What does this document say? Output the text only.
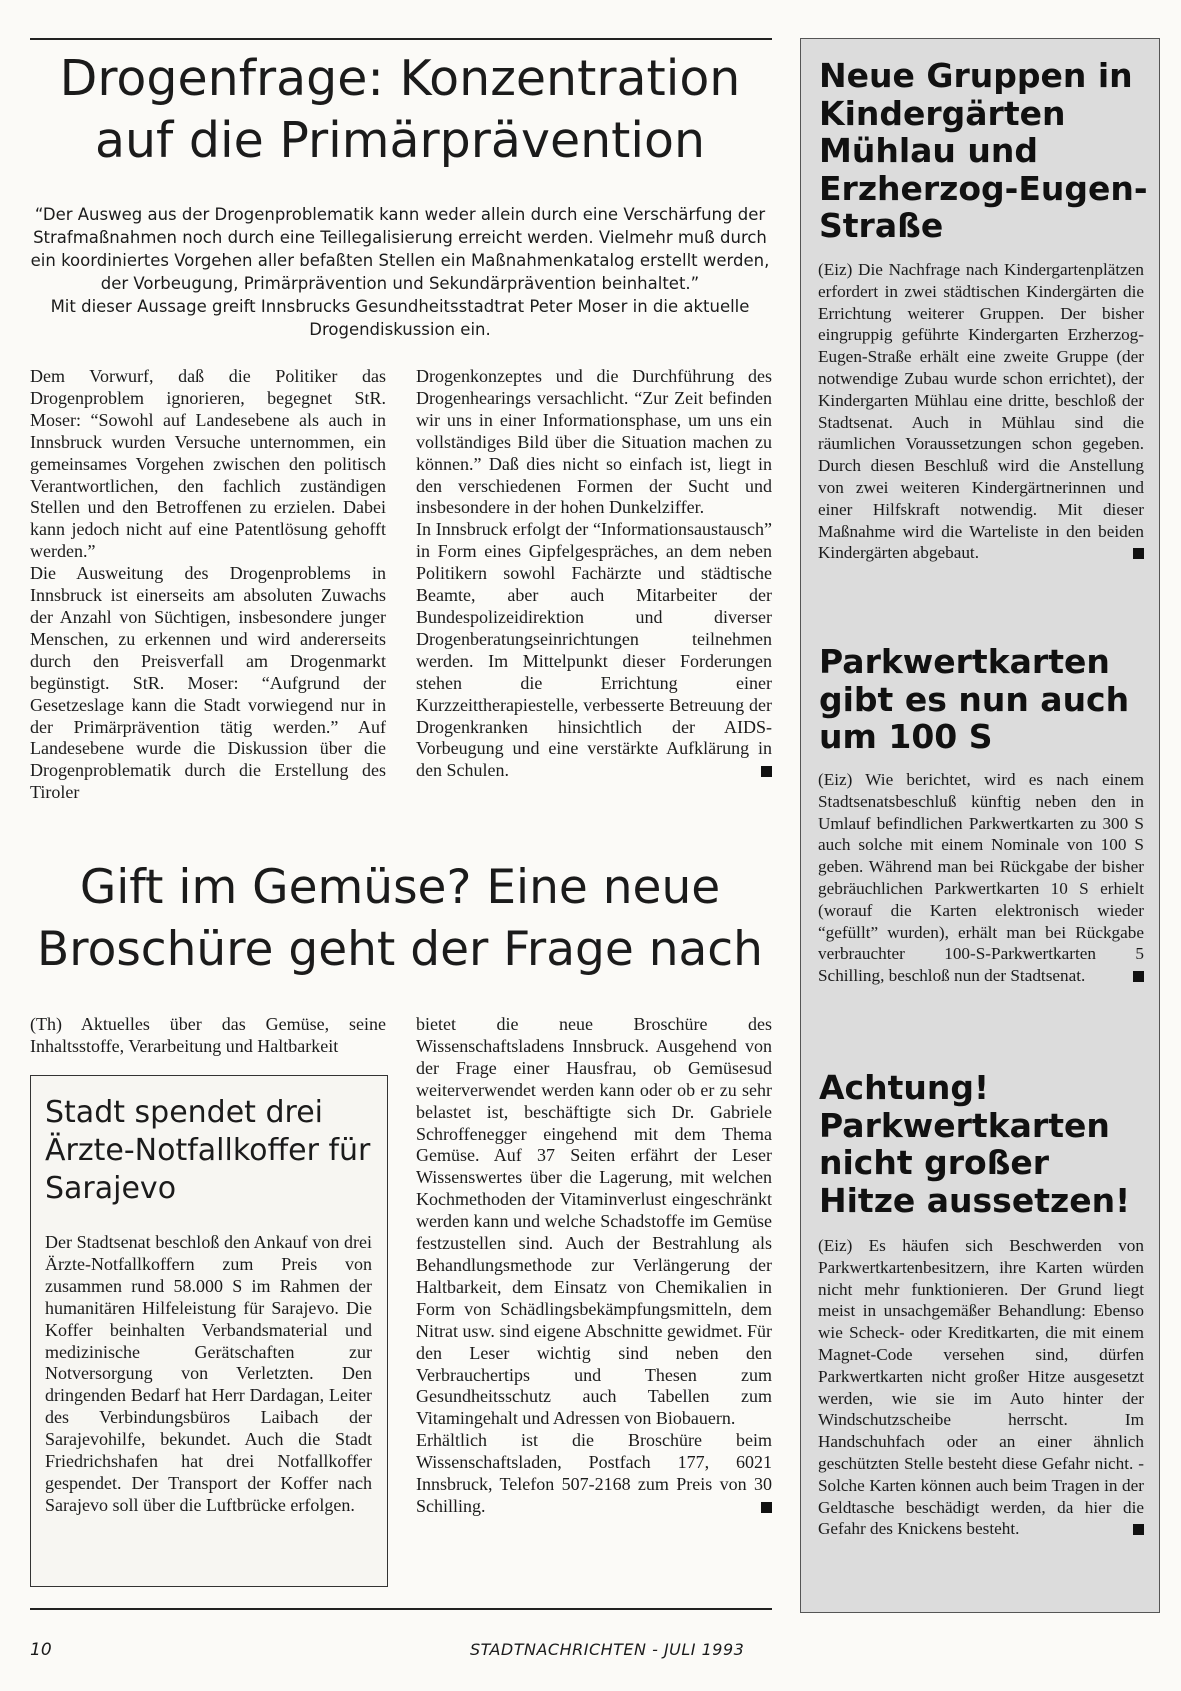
Drogenfrage: Konzentration auf die Primärprävention
“Der Ausweg aus der Drogenproblematik kann weder allein durch eine Verschärfung der Strafmaßnahmen noch durch eine Teillegalisierung erreicht werden. Vielmehr muß durch ein koordiniertes Vorgehen aller befaßten Stellen ein Maßnahmenkatalog erstellt werden, der Vorbeugung, Primärprävention und Sekundärprävention beinhaltet.”
Mit dieser Aussage greift Innsbrucks Gesundheitsstadtrat Peter Moser in die aktuelle Drogendiskussion ein.

Dem Vorwurf, daß die Politiker das Drogenproblem ignorieren, begegnet StR. Moser: “Sowohl auf Landesebene als auch in Innsbruck wurden Versuche unternommen, ein gemeinsames Vorgehen zwischen den politisch Verantwortlichen, den fachlich zuständigen Stellen und den Betroffenen zu erzielen. Dabei kann jedoch nicht auf eine Patentlösung gehofft werden.”

Die Ausweitung des Drogenproblems in Innsbruck ist einerseits am absoluten Zuwachs der Anzahl von Süchtigen, insbesondere junger Menschen, zu erkennen und wird andererseits durch den Preisverfall am Drogenmarkt begünstigt. StR. Moser: “Aufgrund der Gesetzeslage kann die Stadt vorwiegend nur in der Primärprävention tätig werden.” Auf Landesebene wurde die Diskussion über die Drogenproblematik durch die Erstellung des Tiroler

Drogenkonzeptes und die Durchführung des Drogenhearings versachlicht. “Zur Zeit befinden wir uns in einer Informationsphase, um uns ein vollständiges Bild über die Situation machen zu können.” Daß dies nicht so einfach ist, liegt in den verschiedenen Formen der Sucht und insbesondere in der hohen Dunkelziffer.

In Innsbruck erfolgt der “Informationsaustausch” in Form eines Gipfelgespräches, an dem neben Politikern sowohl Fachärzte und städtische Beamte, aber auch Mitarbeiter der Bundespolizeidirektion und diverser Drogenberatungseinrichtungen teilnehmen werden. Im Mittelpunkt dieser Forderungen stehen die Errichtung einer Kurzzeittherapiestelle, verbesserte Betreuung der Drogenkranken hinsichtlich der AIDS-Vorbeugung und eine verstärkte Aufklärung in den Schulen.

Gift im Gemüse? Eine neue Broschüre geht der Frage nach

(Th) Aktuelles über das Gemüse, seine Inhaltsstoffe, Verarbeitung und Haltbarkeit

Stadt spendet drei Ärzte-Notfallkoffer für Sarajevo
Der Stadtsenat beschloß den Ankauf von drei Ärzte-Notfallkoffern zum Preis von zusammen rund 58.000 S im Rahmen der humanitären Hilfeleistung für Sarajevo. Die Koffer beinhalten Verbandsmaterial und medizinische Gerätschaften zur Notversorgung von Verletzten. Den dringenden Bedarf hat Herr Dardagan, Leiter des Verbindungsbüros Laibach der Sarajevohilfe, bekundet. Auch die Stadt Friedrichshafen hat drei Notfallkoffer gespendet. Der Transport der Koffer nach Sarajevo soll über die Luftbrücke erfolgen.

bietet die neue Broschüre des Wissenschaftsladens Innsbruck. Ausgehend von der Frage einer Hausfrau, ob Gemüsesud weiterverwendet werden kann oder ob er zu sehr belastet ist, beschäftigte sich Dr. Gabriele Schroffenegger eingehend mit dem Thema Gemüse. Auf 37 Seiten erfährt der Leser Wissenswertes über die Lagerung, mit welchen Kochmethoden der Vitaminverlust eingeschränkt werden kann und welche Schadstoffe im Gemüse festzustellen sind. Auch der Bestrahlung als Behandlungsmethode zur Verlängerung der Haltbarkeit, dem Einsatz von Chemikalien in Form von Schädlingsbekämpfungsmitteln, dem Nitrat usw. sind eigene Abschnitte gewidmet. Für den Leser wichtig sind neben den Verbrauchertips und Thesen zum Gesundheitsschutz auch Tabellen zum Vitamingehalt und Adressen von Biobauern.

Erhältlich ist die Broschüre beim Wissenschaftsladen, Postfach 177, 6021 Innsbruck, Telefon 507-2168 zum Preis von 30 Schilling.

Neue Gruppen in Kindergärten Mühlau und Erzherzog-Eugen-Straße
(Eiz) Die Nachfrage nach Kindergartenplätzen erfordert in zwei städtischen Kindergärten die Errichtung weiterer Gruppen. Der bisher eingruppig geführte Kindergarten Erzherzog-Eugen-Straße erhält eine zweite Gruppe (der notwendige Zubau wurde schon errichtet), der Kindergarten Mühlau eine dritte, beschloß der Stadtsenat. Auch in Mühlau sind die räumlichen Voraussetzungen schon gegeben. Durch diesen Beschluß wird die Anstellung von zwei weiteren Kindergärtnerinnen und einer Hilfskraft notwendig. Mit dieser Maßnahme wird die Warteliste in den beiden Kindergärten abgebaut.
Parkwertkarten gibt es nun auch um 100 S
(Eiz) Wie berichtet, wird es nach einem Stadtsenatsbeschluß künftig neben den in Umlauf befindlichen Parkwertkarten zu 300 S auch solche mit einem Nominale von 100 S geben. Während man bei Rückgabe der bisher gebräuchlichen Parkwertkarten 10 S erhielt (worauf die Karten elektronisch wieder “gefüllt” wurden), erhält man bei Rückgabe verbrauchter 100-S-Parkwertkarten 5 Schilling, beschloß nun der Stadtsenat.
Achtung! Parkwertkarten nicht großer Hitze aussetzen!
(Eiz) Es häufen sich Beschwerden von Parkwertkartenbesitzern, ihre Karten würden nicht mehr funktionieren. Der Grund liegt meist in unsachgemäßer Behandlung: Ebenso wie Scheck- oder Kreditkarten, die mit einem Magnet-Code versehen sind, dürfen Parkwertkarten nicht großer Hitze ausgesetzt werden, wie sie im Auto hinter der Windschutzscheibe herrscht. Im Handschuhfach oder an einer ähnlich geschützten Stelle besteht diese Gefahr nicht. - Solche Karten können auch beim Tragen in der Geldtasche beschädigt werden, da hier die Gefahr des Knickens besteht.
10	STADTNACHRICHTEN - JULI 1993
